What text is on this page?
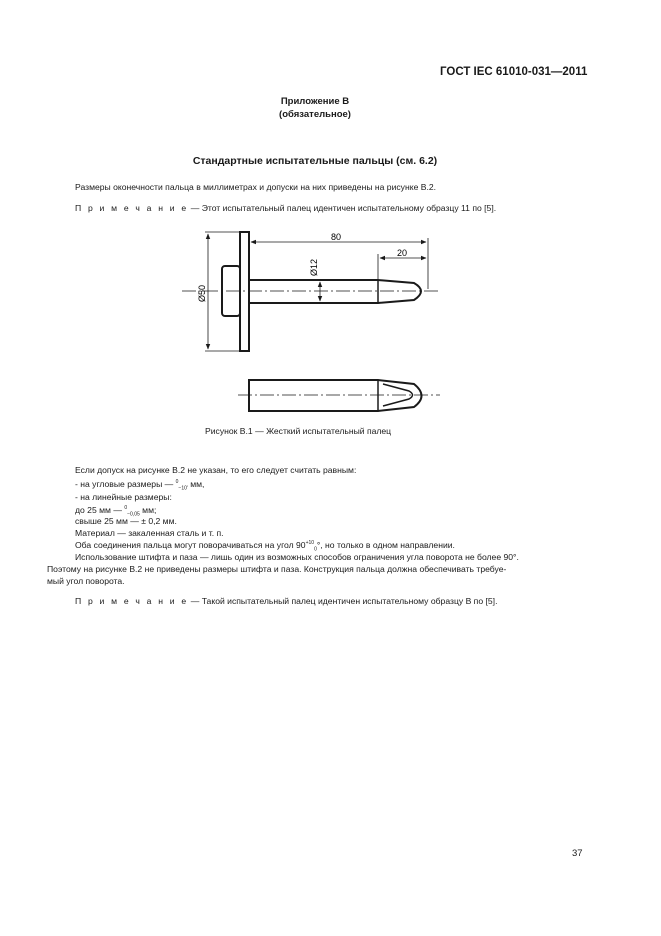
ГОСТ IEC 61010-031—2011
Приложение В
(обязательное)
Стандартные испытательные пальцы (см. 6.2)
Размеры оконечности пальца в миллиметрах и допуски на них приведены на рисунке В.2.
П р и м е ч а н и е — Этот испытательный палец идентичен испытательному образцу 11 по [5].
80
20
Ø12
Ø50
Рисунок В.1 — Жесткий испытательный палец
Если допуск на рисунке В.2 не указан, то его следует считать равным:
- на угловые размеры — $^0_{-10'}$ мм,
- на линейные размеры:
до 25 мм — $^0_{-0,05}$ мм;
свыше 25 мм — ± 0,2 мм.
Материал — закаленная сталь и т. п.
Оба соединения пальца могут поворачиваться на угол $90^{+10}_0^\circ$, но только в одном направлении.
Использование штифта и паза — лишь один из возможных способов ограничения угла поворота не более 90°.
Поэтому на рисунке В.2 не приведены размеры штифта и паза. Конструкция пальца должна обеспечивать требуе-
мый угол поворота.
П р и м е ч а н и е — Такой испытательный палец идентичен испытательному образцу В по [5].
37
